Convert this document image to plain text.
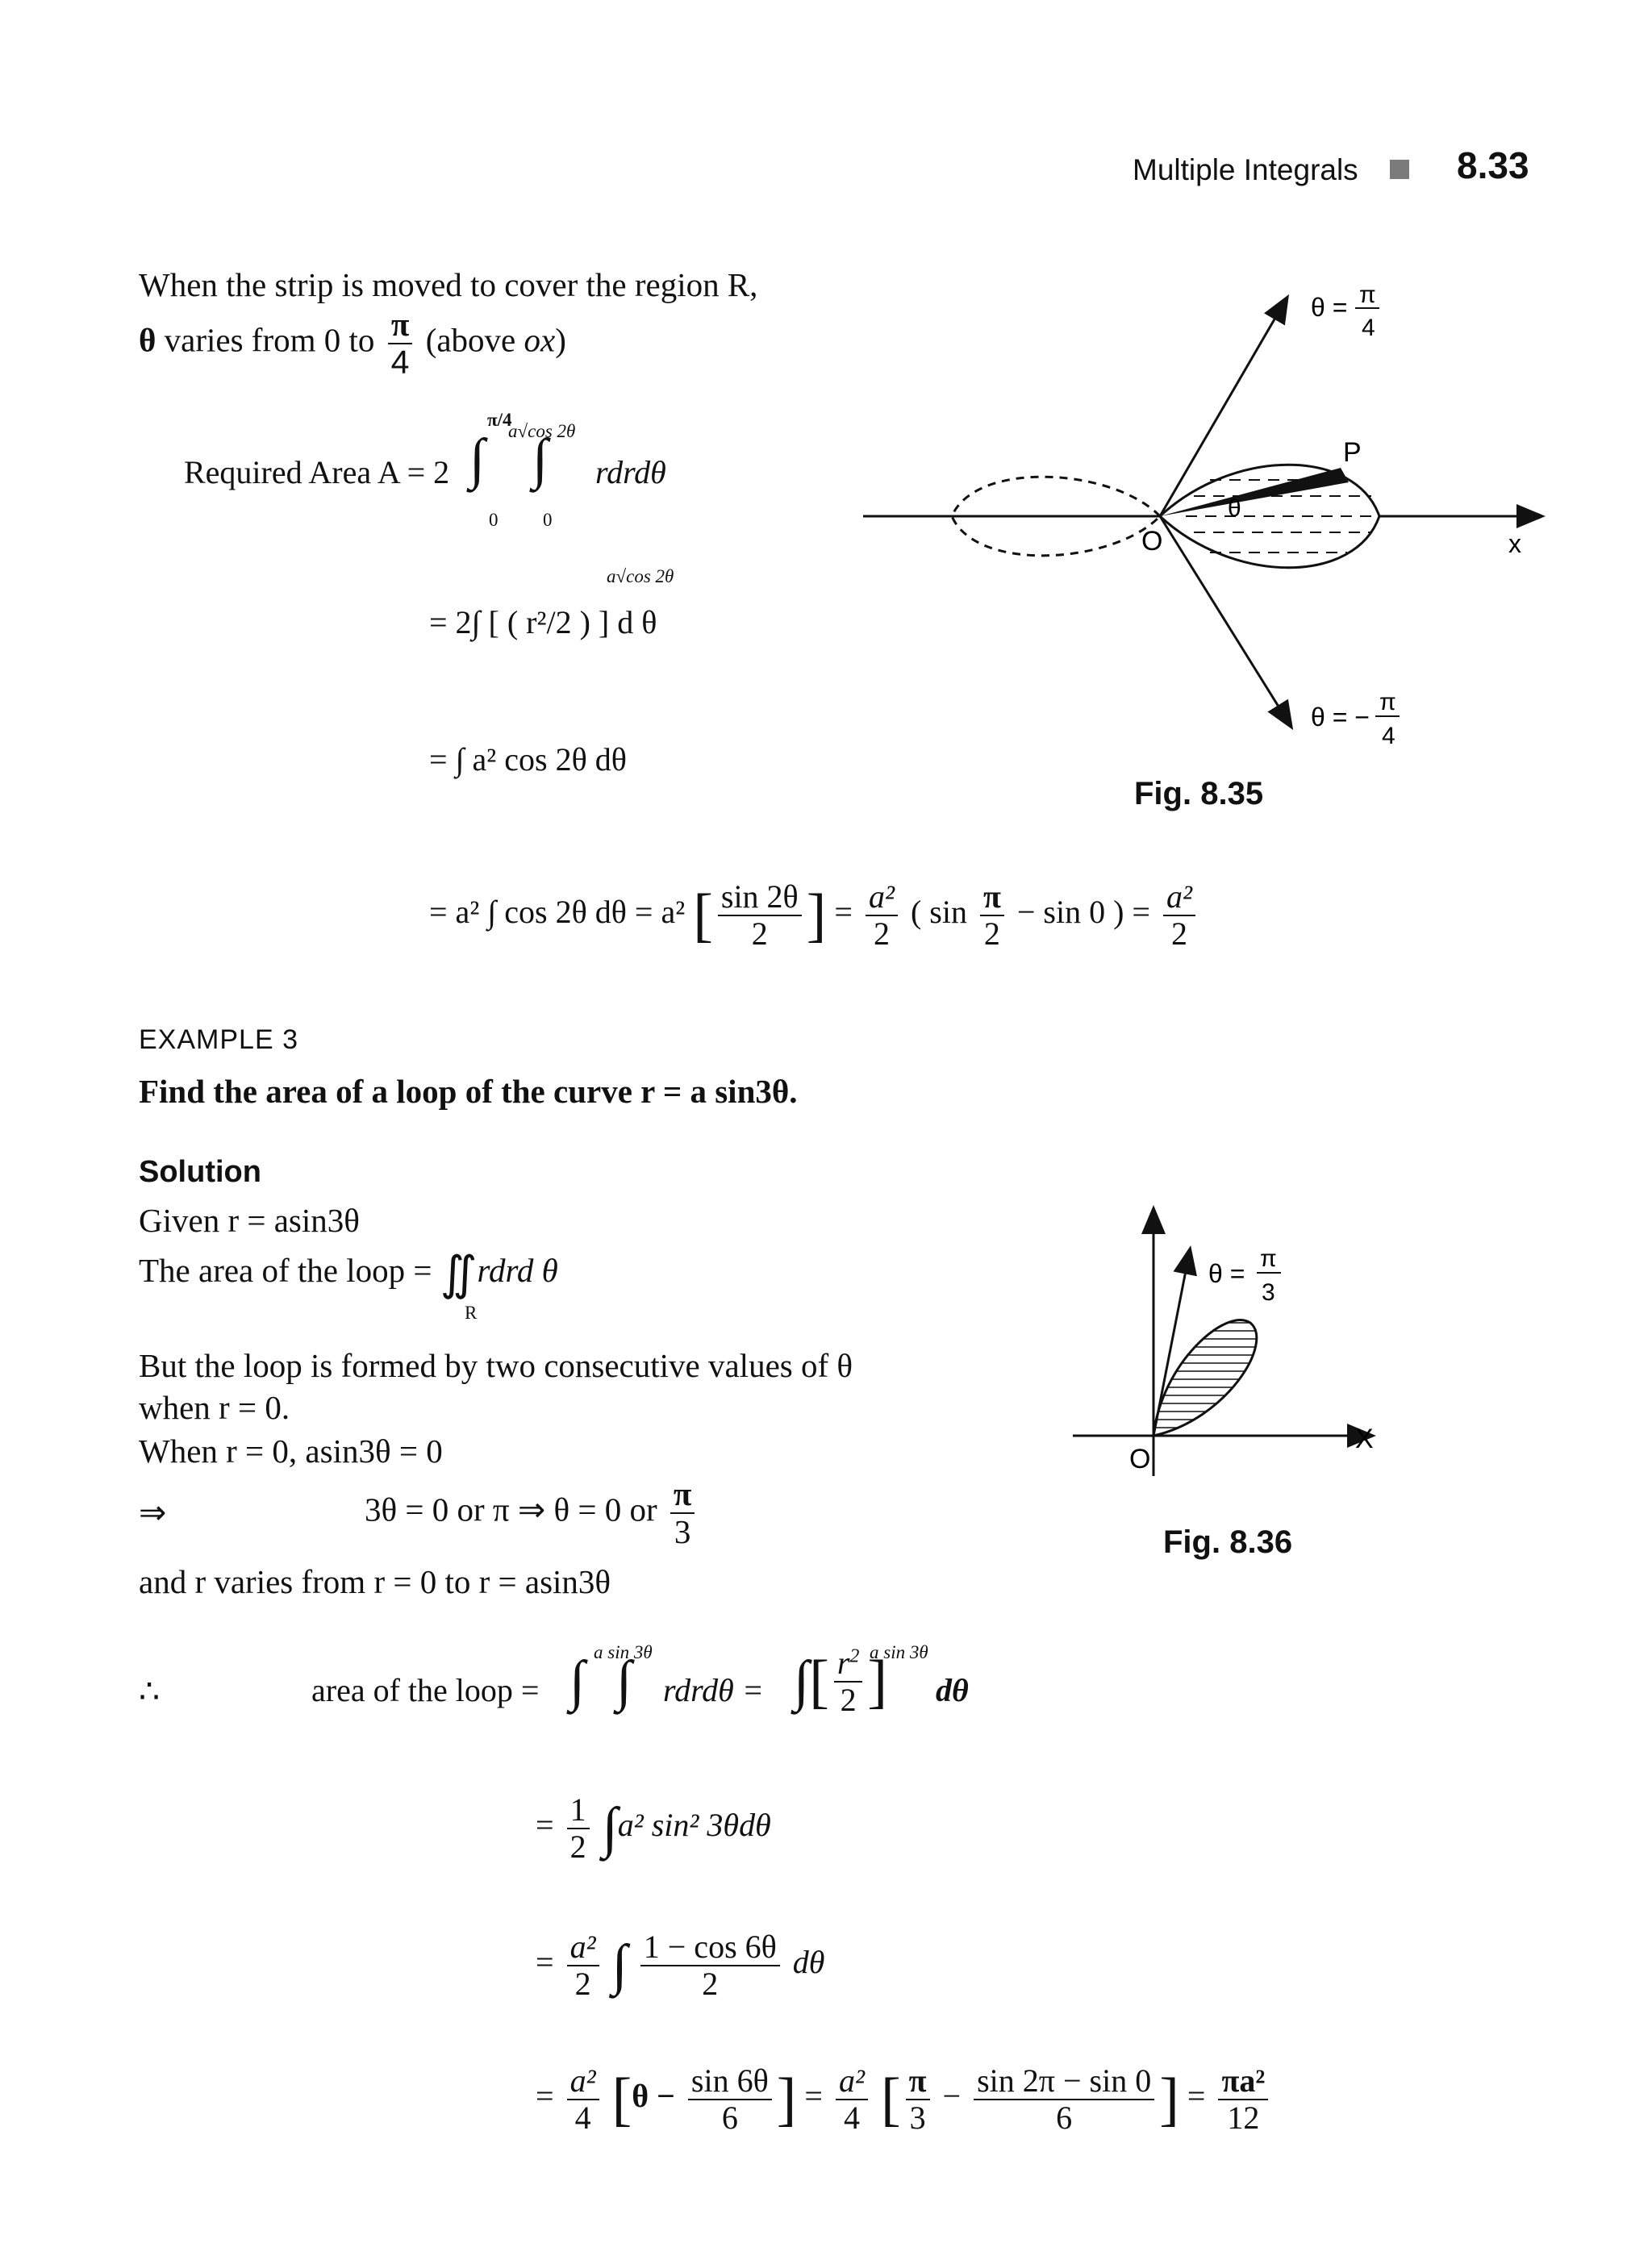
Multiple Integrals	8.33
When the strip is moved to cover the region R,
θ varies from 0 to $\frac{\pi}{4}$ (above ox)
Required Area A = 2 ∫
π/4
0
∫
a√cos 2θ
0
rdrdθ
= 2∫ [ ( r²/2 ) ] d θ
a√cos 2θ
= ∫ a² cos 2θ dθ
= a² ∫ cos 2θ dθ = a² [ $\frac{\sin 2\theta}{2}$ ] = $\frac{\text{a²}}{2}$ ( $\sin \frac{\pi}{2} - \sin 0$ ) = $\frac{\text{a²}}{2}$
O
P
x
θ
θ = π
4
θ = −
π
4
Fig. 8.35
EXAMPLE 3
Find the area of a loop of the curve r = a sin3θ.
Solution
Given r = asin3θ
The area of the loop = ∬rdrd θ
R
But the loop is formed by two consecutive values of θ
when r = 0.
When r = 0, asin3θ = 0
⇒	3θ = 0 or π ⇒ θ = 0 or $\frac{\pi}{3}$
and r varies from r = 0 to r = asin3θ
∴	area of the loop = ∫ ∫
a sin 3θ
rdrdθ = ∫[ $\frac{r^2}{2}$ ]
a sin 3θ
dθ
= $\frac{1}{2} \int a^2$ sin² 3θdθ
= $\frac{\text{a²}}{2}$ ∫ $\frac{1 - \cos 6\theta}{2}$ dθ
= $\frac{\text{a²}}{4} [\theta - \frac{\sin 6\theta}{6}$ ] = $\frac{\text{a²}}{4}$ [ $\frac{\pi}{3} - \frac{\sin 2\pi - \sin 0}{6}$ ] = $\frac{\text{πa²}}{12}$
O
X
θ =
π
3
Fig. 8.36
